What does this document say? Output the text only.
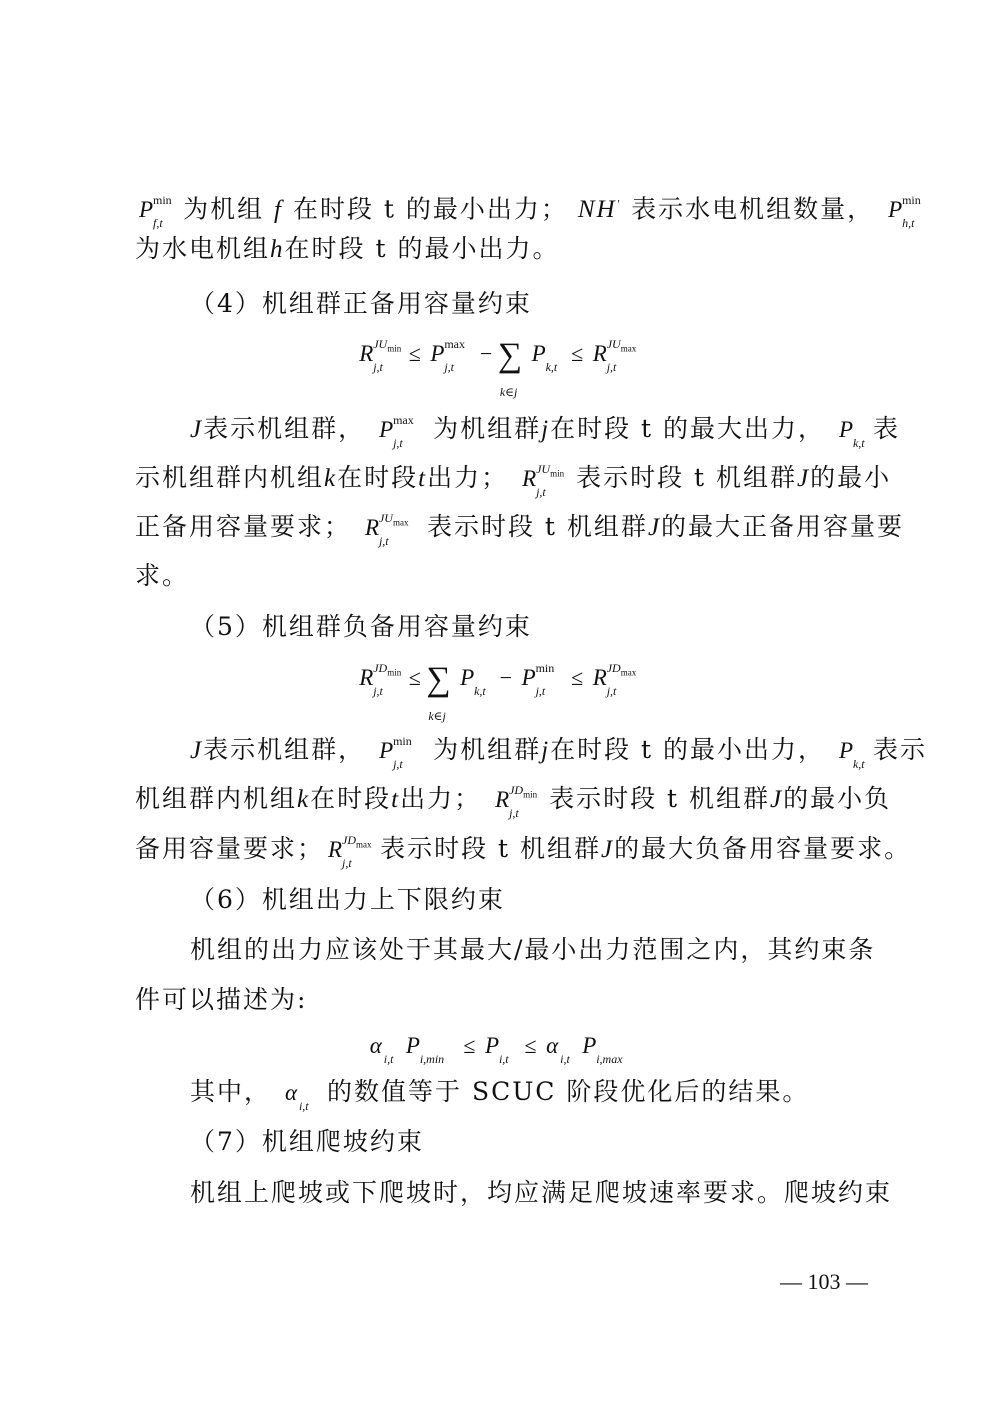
P min
f,t 为机组 f 在时段 t 的最小出力； NH' 表示水电机组数量， P min
h,t
为水电机组h在时段 t 的最小出力。
（4）机组群正备用容量约束
R $JU_{min}$
j,t
≤ P max
j,t
− ∑
k∈j
P
k,t
≤ R $JU_{max}$
j,t
J表示机组群， P max
j,t 为机组群j在时段 t 的最大出力， P
k,t 表
示机组群内机组k在时段t出力； R $JU_{min}$
j,t 表示时段 t 机组群J的最小
正备用容量要求； R $JU_{max}$
j,t 表示时段 t 机组群J的最大正备用容量要
求。
（5）机组群负备用容量约束
R $JD_{min}$
j,t
≤ ∑
k∈j
P
k,t
− P min
j,t
≤ R $JD_{max}$
j,t
J表示机组群， P min
j,t 为机组群j在时段 t 的最小出力， P
k,t 表示
机组群内机组k在时段t出力； R $JD_{min}$
j,t 表示时段 t 机组群J的最小负
备用容量要求； R $JD_{max}$
j,t 表示时段 t 机组群J的最大负备用容量要求。
（6）机组出力上下限约束
机组的出力应该处于其最大/最小出力范围之内，其约束条
件可以描述为:
α
i,t
P
i,min
≤ P
i,t
≤ α
i,t
P
i,max
其中， α
i,t 的数值等于 SCUC 阶段优化后的结果。
（7）机组爬坡约束
机组上爬坡或下爬坡时，均应满足爬坡速率要求。爬坡约束
— 103 —
